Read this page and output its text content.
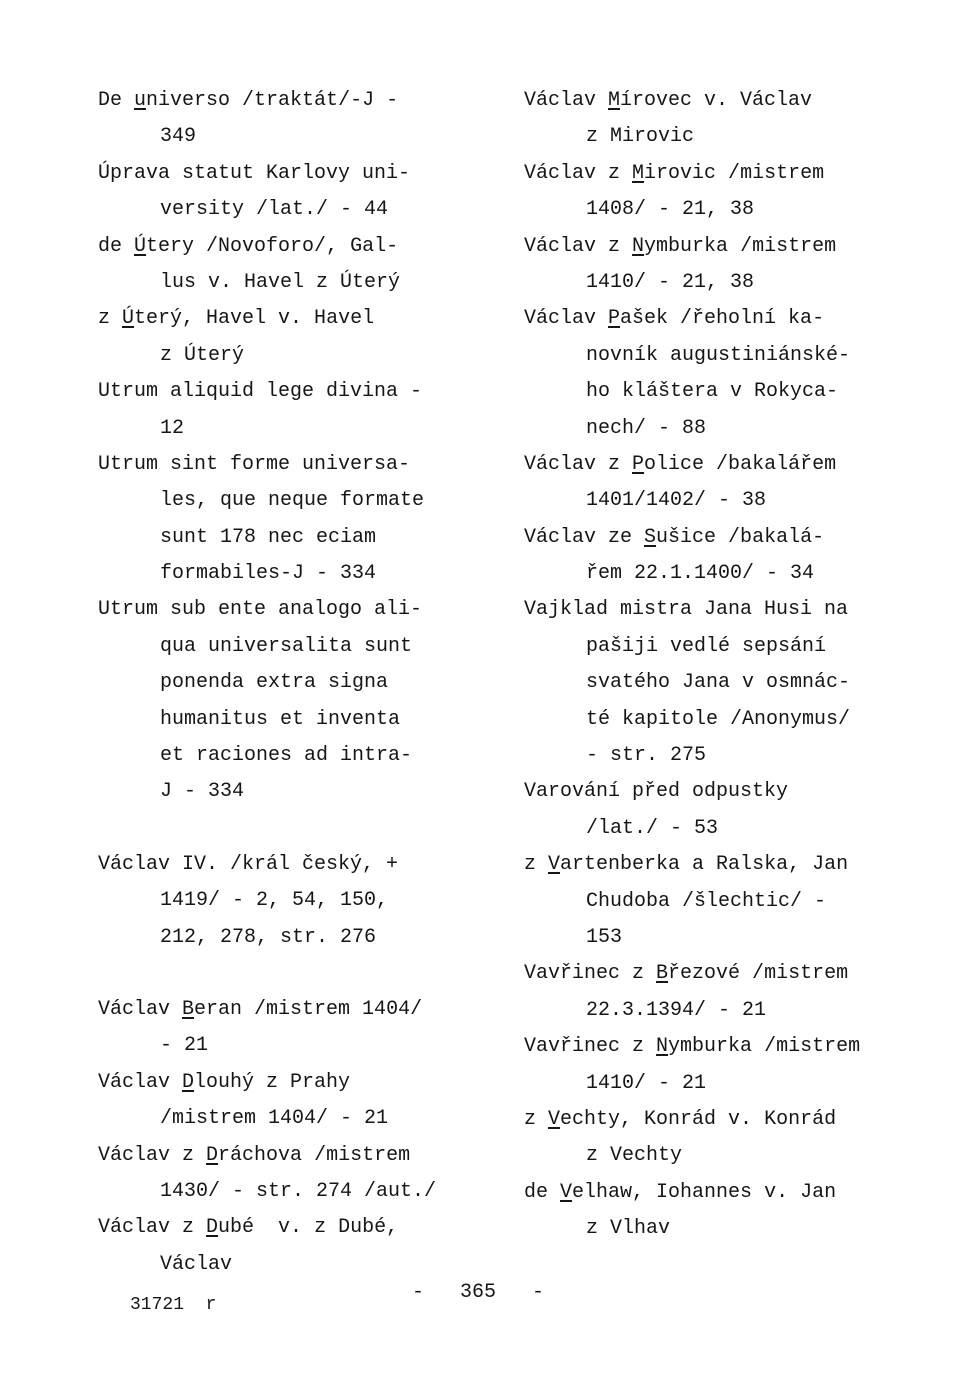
De universo /traktát/-J -
349
Úprava statut Karlovy uni-
versity /lat./ - 44
de Útery /Novoforo/, Gal-
lus v. Havel z Úterý
z Úterý, Havel v. Havel
z Úterý
Utrum aliquid lege divina -
12
Utrum sint forme universa-
les, que neque formate
sunt 178 nec eciam
formabiles-J - 334
Utrum sub ente analogo ali-
qua universalita sunt
ponenda extra signa
humanitus et inventa
et raciones ad intra-
J - 334
Václav IV. /král český, +
1419/ - 2, 54, 150,
212, 278, str. 276
Václav Beran /mistrem 1404/
- 21
Václav Dlouhý z Prahy
/mistrem 1404/ - 21
Václav z Dráchova /mistrem
1430/ - str. 274 /aut./
Václav z Dubé  v. z Dubé,
Václav
Václav Mírovec v. Václav
z Mirovic
Václav z Mirovic /mistrem
1408/ - 21, 38
Václav z Nymburka /mistrem
1410/ - 21, 38
Václav Pašek /řeholní ka-
novník augustiniánské-
ho kláštera v Rokyca-
nech/ - 88
Václav z Police /bakalářem
1401/1402/ - 38
Václav ze Sušice /bakalá-
řem 22.1.1400/ - 34
Vajklad mistra Jana Husi na
pašiji vedlé sepsání
svatého Jana v osmnác-
té kapitole /Anonymus/
- str. 275
Varování před odpustky
/lat./ - 53
z Vartenberka a Ralska, Jan
Chudoba /šlechtic/ -
153
Vavřinec z Březové /mistrem
22.3.1394/ - 21
Vavřinec z Nymburka /mistrem
1410/ - 21
z Vechty, Konrád v. Konrád
z Vechty
de Velhaw, Iohannes v. Jan
z Vlhav
-   365   -
31721  r
